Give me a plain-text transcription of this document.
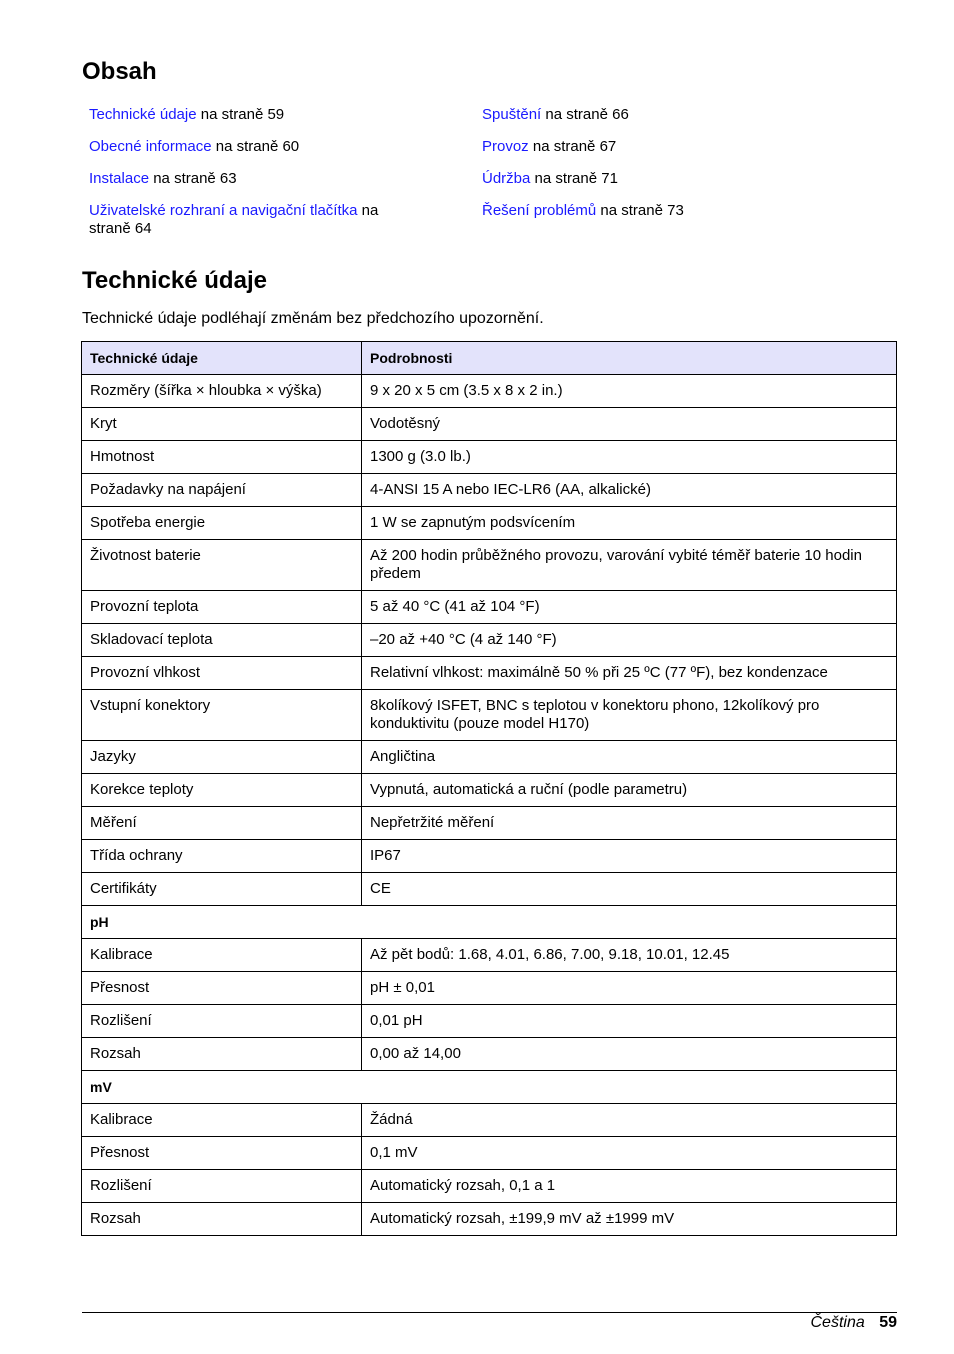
Obsah
Technické údaje na straně 59
Obecné informace na straně 60
Instalace na straně 63
Uživatelské rozhraní a navigační tlačítka na straně 64
Spuštění na straně 66
Provoz na straně 67
Údržba na straně 71
Řešení problémů na straně 73
Technické údaje

Technické údaje podléhají změnám bez předchozího upozornění.

Technické údaje	Podrobnosti
Rozměry (šířka × hloubka × výška)	9 x 20 x 5 cm (3.5 x 8 x 2 in.)
Kryt	Vodotěsný
Hmotnost	1300 g (3.0 lb.)
Požadavky na napájení	4-ANSI 15 A nebo IEC-LR6 (AA, alkalické)
Spotřeba energie	1 W se zapnutým podsvícením
Životnost baterie	Až 200 hodin průběžného provozu, varování vybité téměř baterie 10 hodin předem
Provozní teplota	5 až 40 °C (41 až 104 °F)
Skladovací teplota	–20 až +40 °C (4 až 140 °F)
Provozní vlhkost	Relativní vlhkost: maximálně 50 % při 25 ºC (77 ºF), bez kondenzace
Vstupní konektory	8kolíkový ISFET, BNC s teplotou v konektoru phono, 12kolíkový pro konduktivitu (pouze model H170)
Jazyky	Angličtina
Korekce teploty	Vypnutá, automatická a ruční (podle parametru)
Měření	Nepřetržité měření
Třída ochrany	IP67
Certifikáty	CE
pH	
Kalibrace	Až pět bodů: 1.68, 4.01, 6.86, 7.00, 9.18, 10.01, 12.45
Přesnost	pH ± 0,01
Rozlišení	0,01 pH
Rozsah	0,00 až 14,00
mV	
Kalibrace	Žádná
Přesnost	0,1 mV
Rozlišení	Automatický rozsah, 0,1 a 1
Rozsah	Automatický rozsah, ±199,9 mV až ±1999 mV
Čeština 59
